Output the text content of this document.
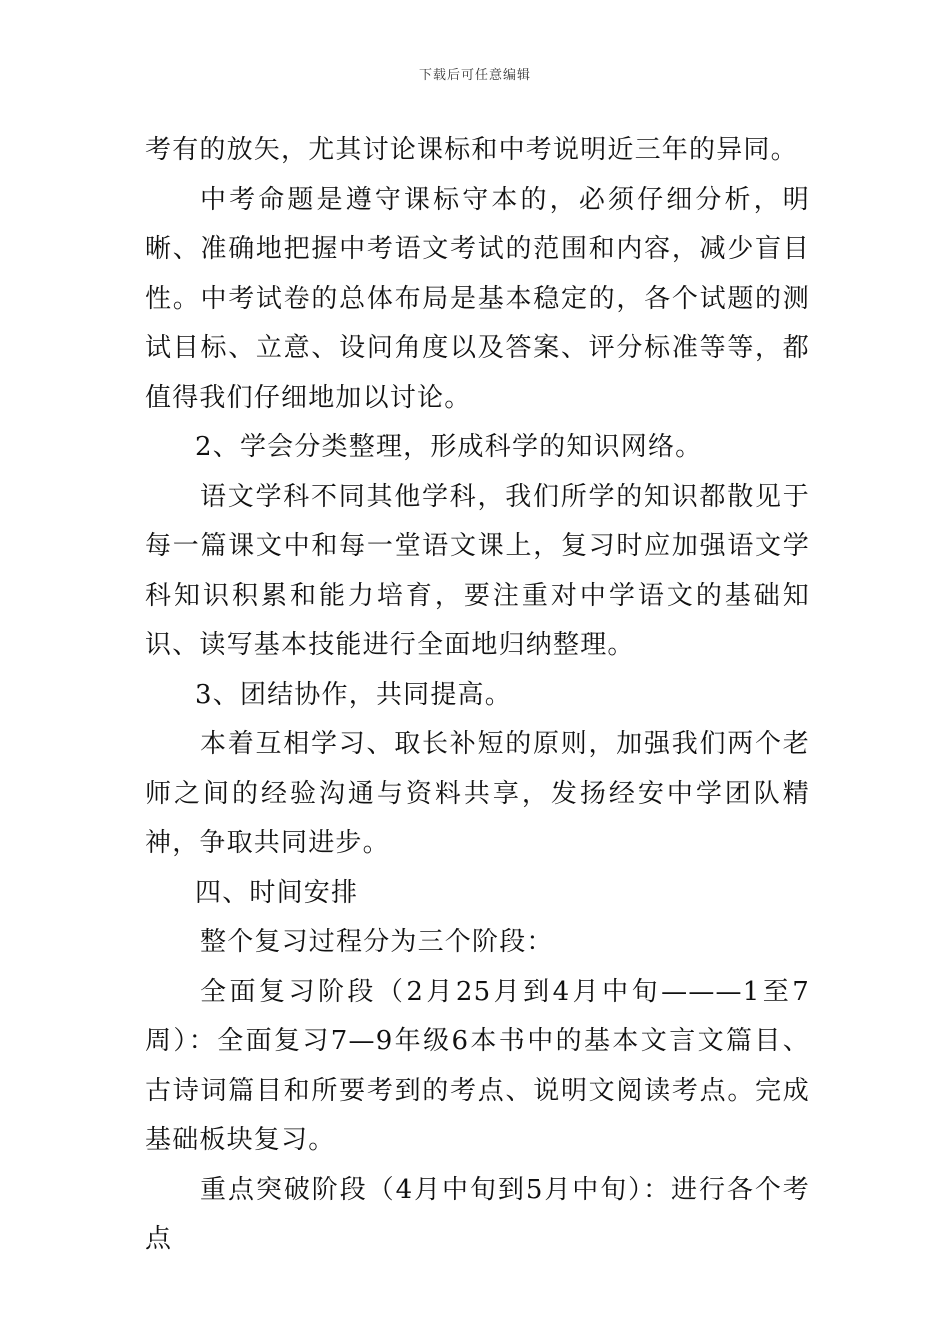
下载后可任意编辑

考有的放矢，尤其讨论课标和中考说明近三年的异同。

中考命题是遵守课标守本的，必须仔细分析，明晰、准确地把握中考语文考试的范围和内容，减少盲目性。中考试卷的总体布局是基本稳定的，各个试题的测试目标、立意、设问角度以及答案、评分标准等等，都值得我们仔细地加以讨论。

2、学会分类整理，形成科学的知识网络。

语文学科不同其他学科，我们所学的知识都散见于每一篇课文中和每一堂语文课上，复习时应加强语文学科知识积累和能力培育，要注重对中学语文的基础知识、读写基本技能进行全面地归纳整理。

3、团结协作，共同提高。

本着互相学习、取长补短的原则，加强我们两个老师之间的经验沟通与资料共享，发扬经安中学团队精神，争取共同进步。

四、时间安排

整个复习过程分为三个阶段：

全面复习阶段（2月25月到4月中旬———1至7周）：全面复习7—9年级6本书中的基本文言文篇目、古诗词篇目和所要考到的考点、说明文阅读考点。完成基础板块复习。

重点突破阶段（4月中旬到5月中旬）：进行各个考点
